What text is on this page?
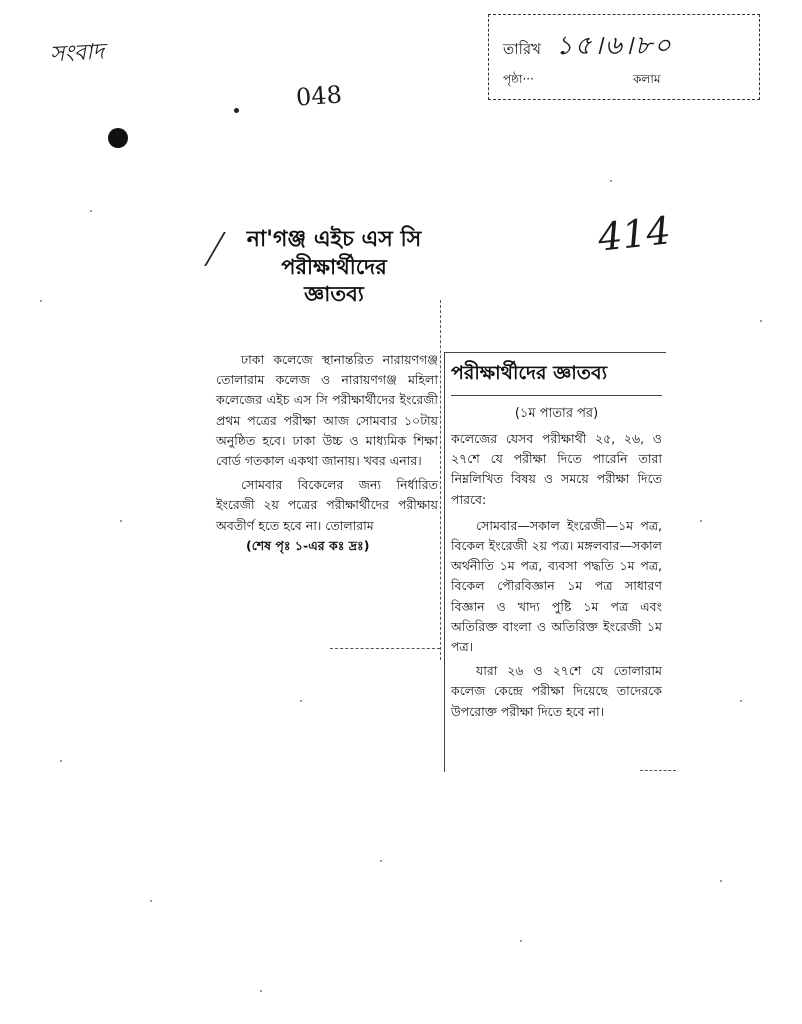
সংবাদ
048
তারিখ ১৫।৬।৮০
পৃষ্ঠা···	কলাম
414
না'গঞ্জ এইচ এস সি
পরীক্ষার্থীদের
জ্ঞাতব্য

ঢাকা কলেজে স্থানান্তরিত নারায়ণগঞ্জ তোলারাম কলেজ ও নারায়ণগঞ্জ মহিলা কলেজের এইচ এস সি পরীক্ষার্থীদের ইংরেজী প্রথম পত্রের পরীক্ষা আজ সোমবার ১০টায় অনুষ্ঠিত হবে। ঢাকা উচ্চ ও মাধ্যমিক শিক্ষা বোর্ড গতকাল একথা জানায়। খবর এনার।

সোমবার বিকেলের জন্য নির্ধারিত ইংরেজী ২য় পত্রের পরীক্ষার্থীদের পরীক্ষায় অবতীর্ণ হতে হবে না। তোলারাম

(শেষ পৃঃ ১-এর কঃ দ্রঃ)
পরীক্ষার্থীদের জ্ঞাতব্য
(১ম পাতার পর)

কলেজের যেসব পরীক্ষার্থী ২৫, ২৬, ও ২৭শে যে পরীক্ষা দিতে পারেনি তারা নিম্নলিখিত বিষয় ও সময়ে পরীক্ষা দিতে পারবে:

সোমবার—সকাল ইংরেজী—১ম পত্র, বিকেল ইংরেজী ২য় পত্র। মঙ্গলবার—সকাল অর্থনীতি ১ম পত্র, ব্যবসা পদ্ধতি ১ম পত্র, বিকেল পৌরবিজ্ঞান ১ম পত্র সাধারণ বিজ্ঞান ও খাদ্য পুষ্টি ১ম পত্র এবং অতিরিক্ত বাংলা ও অতিরিক্ত ইংরেজী ১ম পত্র।

যারা ২৬ ও ২৭শে যে তোলারাম কলেজ কেন্দ্রে পরীক্ষা দিয়েছে তাদেরকে উপরোক্ত পরীক্ষা দিতে হবে না।
